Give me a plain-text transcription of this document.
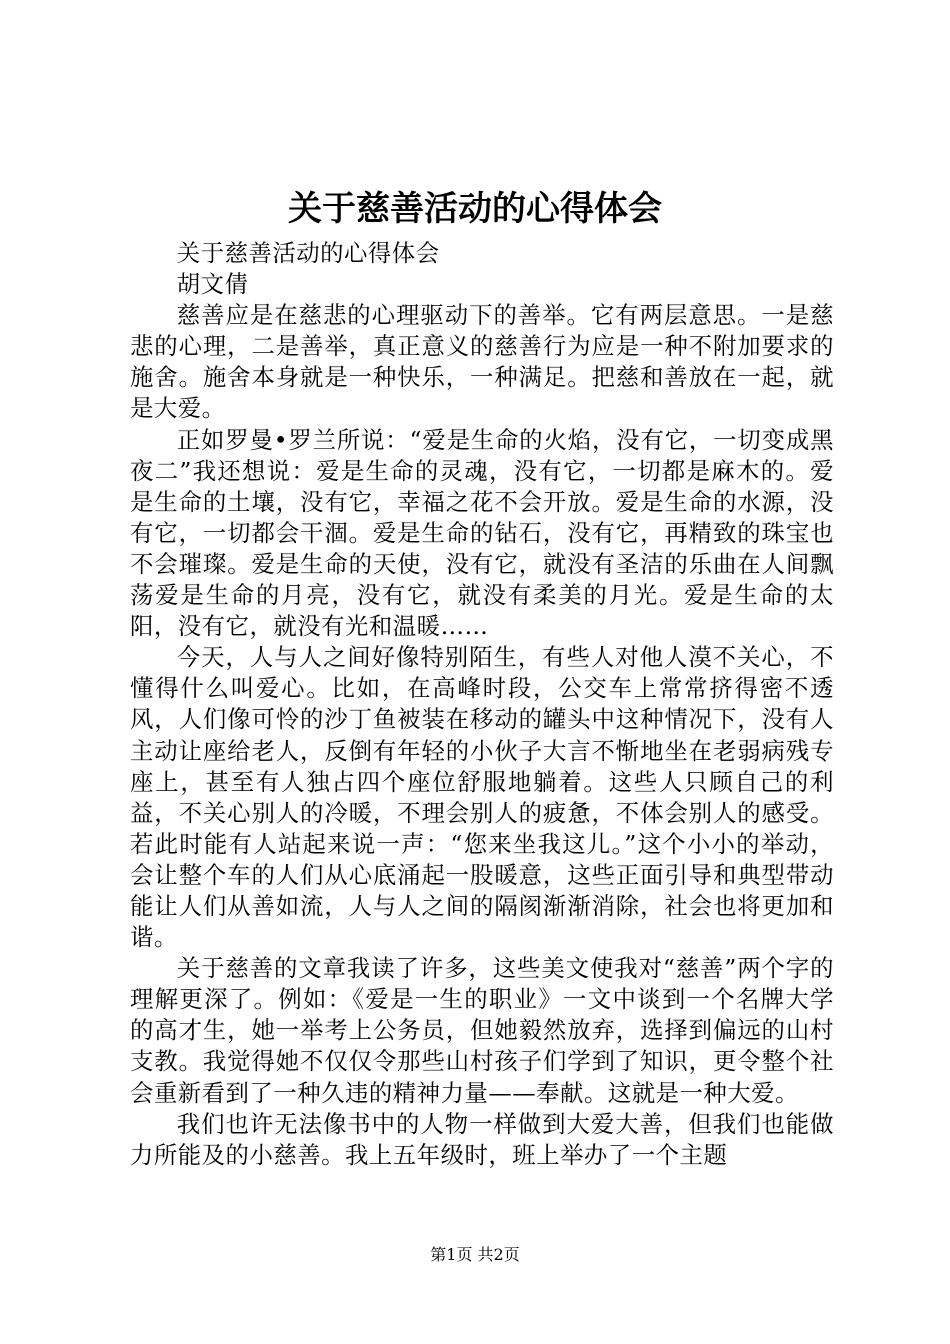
关于慈善活动的心得体会

关于慈善活动的心得体会

胡文倩

慈善应是在慈悲的心理驱动下的善举。它有两层意思。一是慈悲的心理，二是善举，真正意义的慈善行为应是一种不附加要求的施舍。施舍本身就是一种快乐，一种满足。把慈和善放在一起，就是大爱。

正如罗曼•罗兰所说：“爱是生命的火焰，没有它，一切变成黑夜二”我还想说：爱是生命的灵魂，没有它，一切都是麻木的。爱是生命的土壤，没有它，幸福之花不会开放。爱是生命的水源，没有它，一切都会干涸。爱是生命的钻石，没有它，再精致的珠宝也不会璀璨。爱是生命的天使，没有它，就没有圣洁的乐曲在人间飘荡爱是生命的月亮，没有它，就没有柔美的月光。爱是生命的太阳，没有它，就没有光和温暖……

今天，人与人之间好像特别陌生，有些人对他人漠不关心，不懂得什么叫爱心。比如，在高峰时段，公交车上常常挤得密不透风，人们像可怜的沙丁鱼被装在移动的罐头中这种情况下，没有人主动让座给老人，反倒有年轻的小伙子大言不惭地坐在老弱病残专座上，甚至有人独占四个座位舒服地躺着。这些人只顾自己的利益，不关心别人的冷暖，不理会别人的疲惫，不体会别人的感受。若此时能有人站起来说一声：“您来坐我这儿。”这个小小的举动，会让整个车的人们从心底涌起一股暖意，这些正面引导和典型带动能让人们从善如流，人与人之间的隔阂渐渐消除，社会也将更加和谐。

关于慈善的文章我读了许多，这些美文使我对“慈善”两个字的理解更深了。例如：《爱是一生的职业》一文中谈到一个名牌大学的高才生，她一举考上公务员，但她毅然放弃，选择到偏远的山村支教。我觉得她不仅仅令那些山村孩子们学到了知识，更令整个社会重新看到了一种久违的精神力量——奉献。这就是一种大爱。

我们也许无法像书中的人物一样做到大爱大善，但我们也能做力所能及的小慈善。我上五年级时，班上举办了一个主题

第1页 共2页
